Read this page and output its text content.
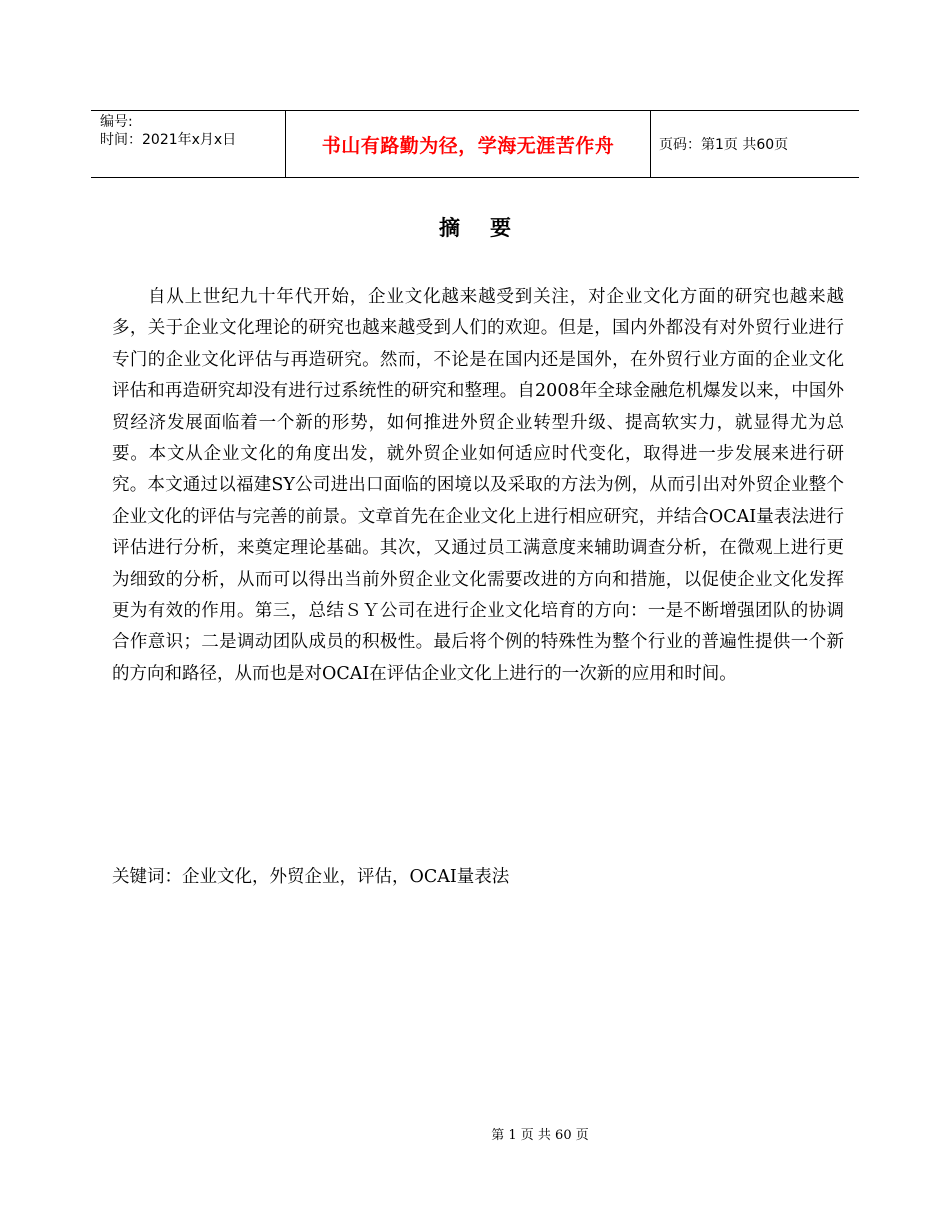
编号:
时间：2021年x月x日	书山有路勤为径，学海无涯苦作舟	页码：第1页 共60页
摘要

自从上世纪九十年代开始，企业文化越来越受到关注，对企业文化方面的研究也越来越多，关于企业文化理论的研究也越来越受到人们的欢迎。但是，国内外都没有对外贸行业进行专门的企业文化评估与再造研究。然而，不论是在国内还是国外，在外贸行业方面的企业文化评估和再造研究却没有进行过系统性的研究和整理。自2008年全球金融危机爆发以来，中国外贸经济发展面临着一个新的形势，如何推进外贸企业转型升级、提高软实力，就显得尤为总要。本文从企业文化的角度出发，就外贸企业如何适应时代变化，取得进一步发展来进行研究。本文通过以福建SY公司进出口面临的困境以及采取的方法为例，从而引出对外贸企业整个企业文化的评估与完善的前景。文章首先在企业文化上进行相应研究，并结合OCAI量表法进行评估进行分析，来奠定理论基础。其次，又通过员工满意度来辅助调查分析，在微观上进行更为细致的分析，从而可以得出当前外贸企业文化需要改进的方向和措施，以促使企业文化发挥更为有效的作用。第三，总结ＳＹ公司在进行企业文化培育的方向：一是不断增强团队的协调合作意识；二是调动团队成员的积极性。最后将个例的特殊性为整个行业的普遍性提供一个新的方向和路径，从而也是对OCAI在评估企业文化上进行的一次新的应用和时间。

关键词：企业文化，外贸企业，评估，OCAI量表法
第 1 页 共 60 页
